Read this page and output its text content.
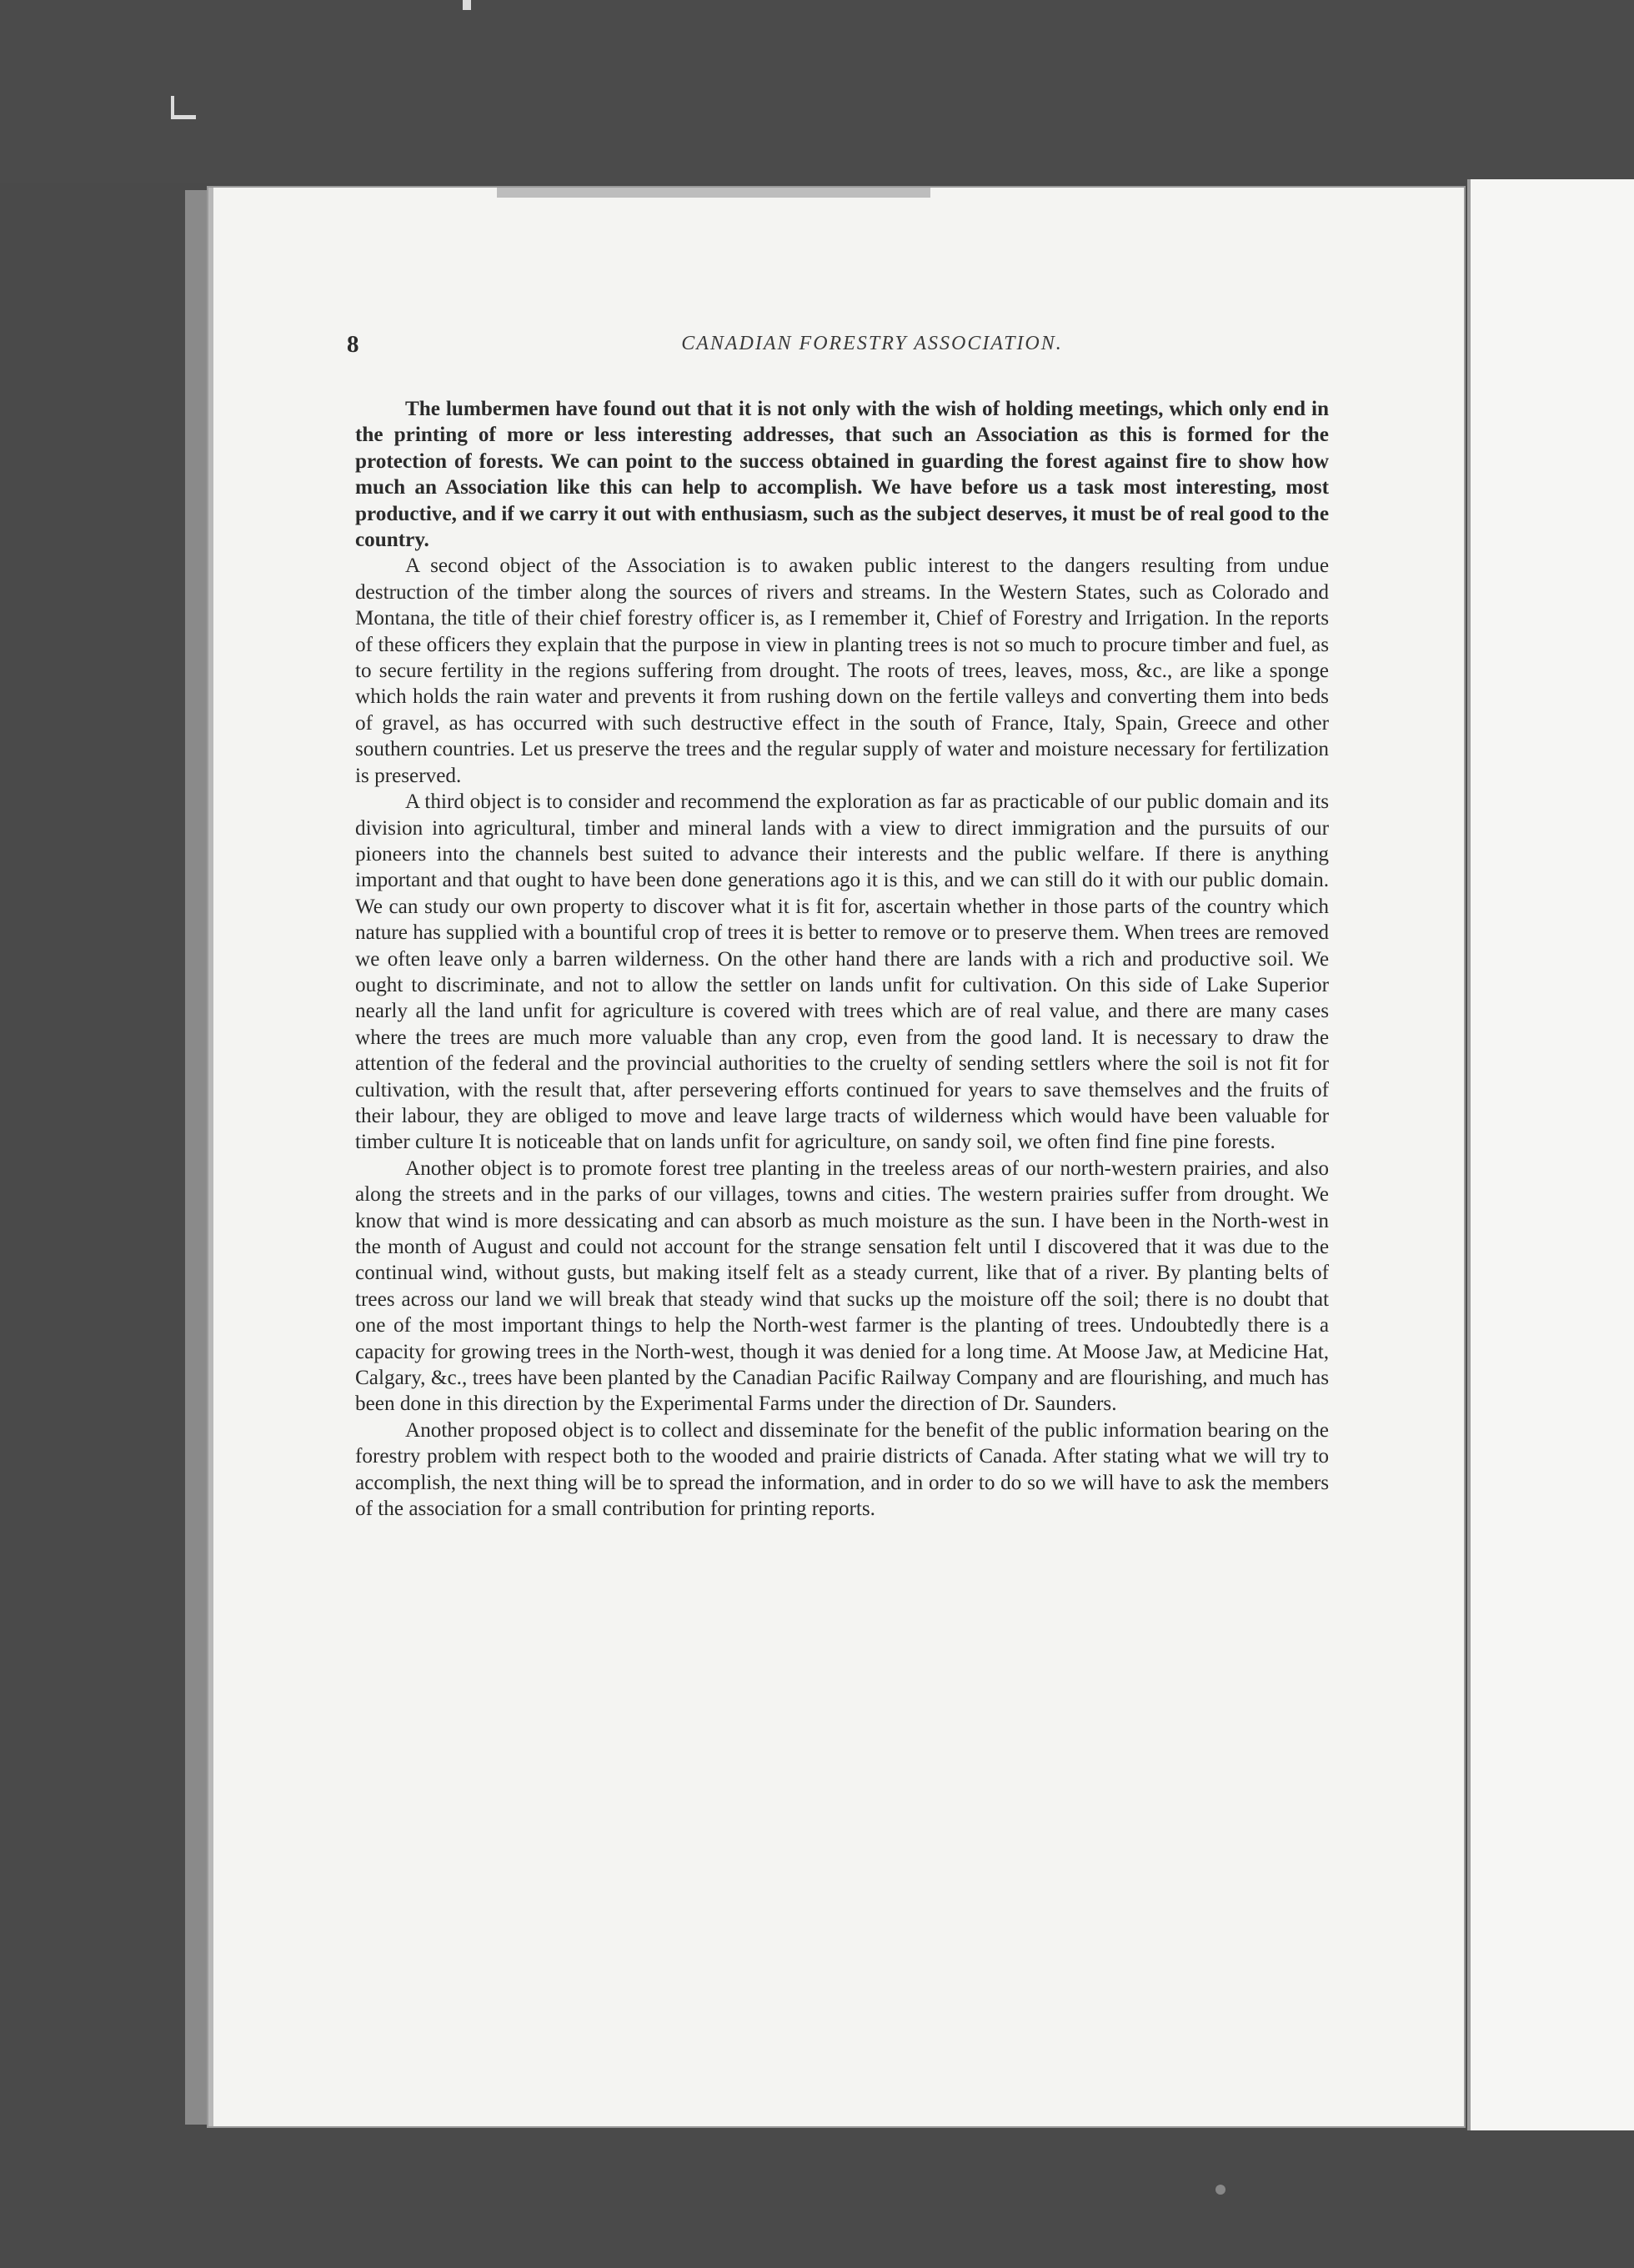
8	CANADIAN FORESTRY ASSOCIATION.

The lumbermen have found out that it is not only with the wish of holding meetings, which only end in the printing of more or less interesting addresses, that such an Association as this is formed for the protection of forests. We can point to the success obtained in guarding the forest against fire to show how much an Association like this can help to accomplish. We have before us a task most interesting, most productive, and if we carry it out with enthusiasm, such as the subject deserves, it must be of real good to the country.

A second object of the Association is to awaken public interest to the dangers resulting from undue destruction of the timber along the sources of rivers and streams. In the Western States, such as Colorado and Montana, the title of their chief forestry officer is, as I remember it, Chief of Forestry and Irrigation. In the reports of these officers they explain that the purpose in view in planting trees is not so much to procure timber and fuel, as to secure fertility in the regions suffering from drought. The roots of trees, leaves, moss, &c., are like a sponge which holds the rain water and prevents it from rushing down on the fertile valleys and converting them into beds of gravel, as has occurred with such destructive effect in the south of France, Italy, Spain, Greece and other southern countries. Let us preserve the trees and the regular supply of water and moisture necessary for fertilization is preserved.

A third object is to consider and recommend the exploration as far as practicable of our public domain and its division into agricultural, timber and mineral lands with a view to direct immigration and the pursuits of our pioneers into the channels best suited to advance their interests and the public welfare. If there is anything important and that ought to have been done generations ago it is this, and we can still do it with our public domain. We can study our own property to discover what it is fit for, ascertain whether in those parts of the country which nature has supplied with a bountiful crop of trees it is better to remove or to preserve them. When trees are removed we often leave only a barren wilderness. On the other hand there are lands with a rich and productive soil. We ought to discriminate, and not to allow the settler on lands unfit for cultivation. On this side of Lake Superior nearly all the land unfit for agriculture is covered with trees which are of real value, and there are many cases where the trees are much more valuable than any crop, even from the good land. It is necessary to draw the attention of the federal and the provincial authorities to the cruelty of sending settlers where the soil is not fit for cultivation, with the result that, after persevering efforts continued for years to save themselves and the fruits of their labour, they are obliged to move and leave large tracts of wilderness which would have been valuable for timber culture It is noticeable that on lands unfit for agriculture, on sandy soil, we often find fine pine forests.

Another object is to promote forest tree planting in the treeless areas of our north-western prairies, and also along the streets and in the parks of our villages, towns and cities. The western prairies suffer from drought. We know that wind is more dessicating and can absorb as much moisture as the sun. I have been in the North-west in the month of August and could not account for the strange sensation felt until I discovered that it was due to the continual wind, without gusts, but making itself felt as a steady current, like that of a river. By planting belts of trees across our land we will break that steady wind that sucks up the moisture off the soil; there is no doubt that one of the most important things to help the North-west farmer is the planting of trees. Undoubtedly there is a capacity for growing trees in the North-west, though it was denied for a long time. At Moose Jaw, at Medicine Hat, Calgary, &c., trees have been planted by the Canadian Pacific Railway Company and are flourishing, and much has been done in this direction by the Experimental Farms under the direction of Dr. Saunders.

Another proposed object is to collect and disseminate for the benefit of the public information bearing on the forestry problem with respect both to the wooded and prairie districts of Canada. After stating what we will try to accomplish, the next thing will be to spread the information, and in order to do so we will have to ask the members of the association for a small contribution for printing reports.
